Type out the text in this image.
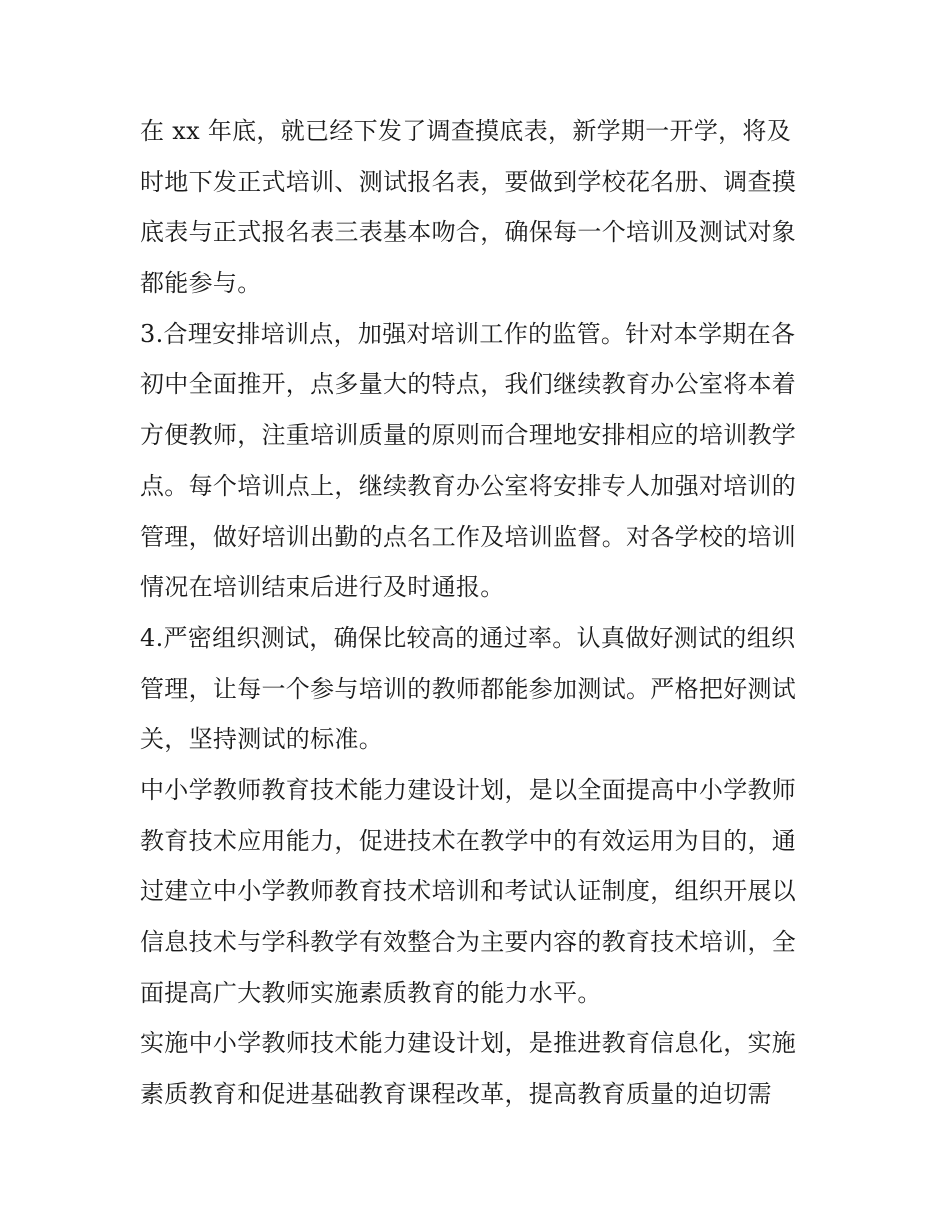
在 xx 年底，就已经下发了调查摸底表，新学期一开学，将及
时地下发正式培训、测试报名表，要做到学校花名册、调查摸
底表与正式报名表三表基本吻合，确保每一个培训及测试对象
都能参与。
3.合理安排培训点，加强对培训工作的监管。针对本学期在各
初中全面推开，点多量大的特点，我们继续教育办公室将本着
方便教师，注重培训质量的原则而合理地安排相应的培训教学
点。每个培训点上，继续教育办公室将安排专人加强对培训的
管理，做好培训出勤的点名工作及培训监督。对各学校的培训
情况在培训结束后进行及时通报。
4.严密组织测试，确保比较高的通过率。认真做好测试的组织
管理，让每一个参与培训的教师都能参加测试。严格把好测试
关，坚持测试的标准。
中小学教师教育技术能力建设计划，是以全面提高中小学教师
教育技术应用能力，促进技术在教学中的有效运用为目的，通
过建立中小学教师教育技术培训和考试认证制度，组织开展以
信息技术与学科教学有效整合为主要内容的教育技术培训，全
面提高广大教师实施素质教育的能力水平。
实施中小学教师技术能力建设计划，是推进教育信息化，实施
素质教育和促进基础教育课程改革，提高教育质量的迫切需
